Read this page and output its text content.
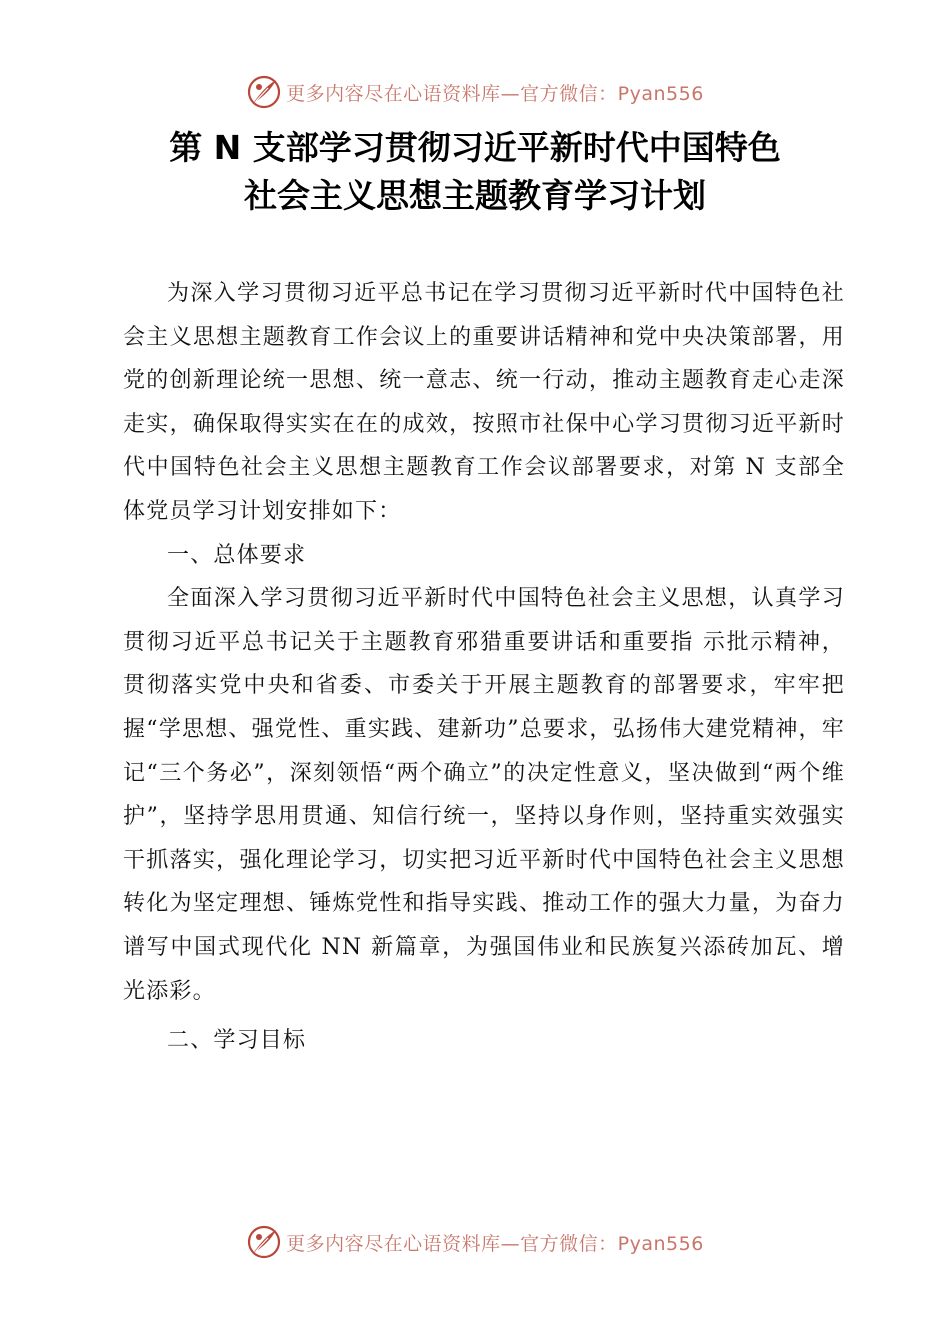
更多内容尽在心语资料库—官方微信：Pyan556
第 N 支部学习贯彻习近平新时代中国特色
社会主义思想主题教育学习计划

为深入学习贯彻习近平总书记在学习贯彻习近平新时代中国特色社会主义思想主题教育工作会议上的重要讲话精神和党中央决策部署，用党的创新理论统一思想、统一意志、统一行动，推动主题教育走心走深走实，确保取得实实在在的成效，按照市社保中心学习贯彻习近平新时代中国特色社会主义思想主题教育工作会议部署要求，对第 N 支部全体党员学习计划安排如下：

一、总体要求

全面深入学习贯彻习近平新时代中国特色社会主义思想，认真学习贯彻习近平总书记关于主题教育邪猎重要讲话和重要指 示批示精神，贯彻落实党中央和省委、市委关于开展主题教育的部署要求，牢牢把握“学思想、强党性、重实践、建新功”总要求，弘扬伟大建党精神，牢记“三个务必”，深刻领悟“两个确立”的决定性意义，坚决做到“两个维护”，坚持学思用贯通、知信行统一，坚持以身作则，坚持重实效强实干抓落实，强化理论学习，切实把习近平新时代中国特色社会主义思想转化为坚定理想、锤炼党性和指导实践、推动工作的强大力量，为奋力谱写中国式现代化 NN 新篇章，为强国伟业和民族复兴添砖加瓦、增光添彩。

二、学习目标

更多内容尽在心语资料库—官方微信：Pyan556
